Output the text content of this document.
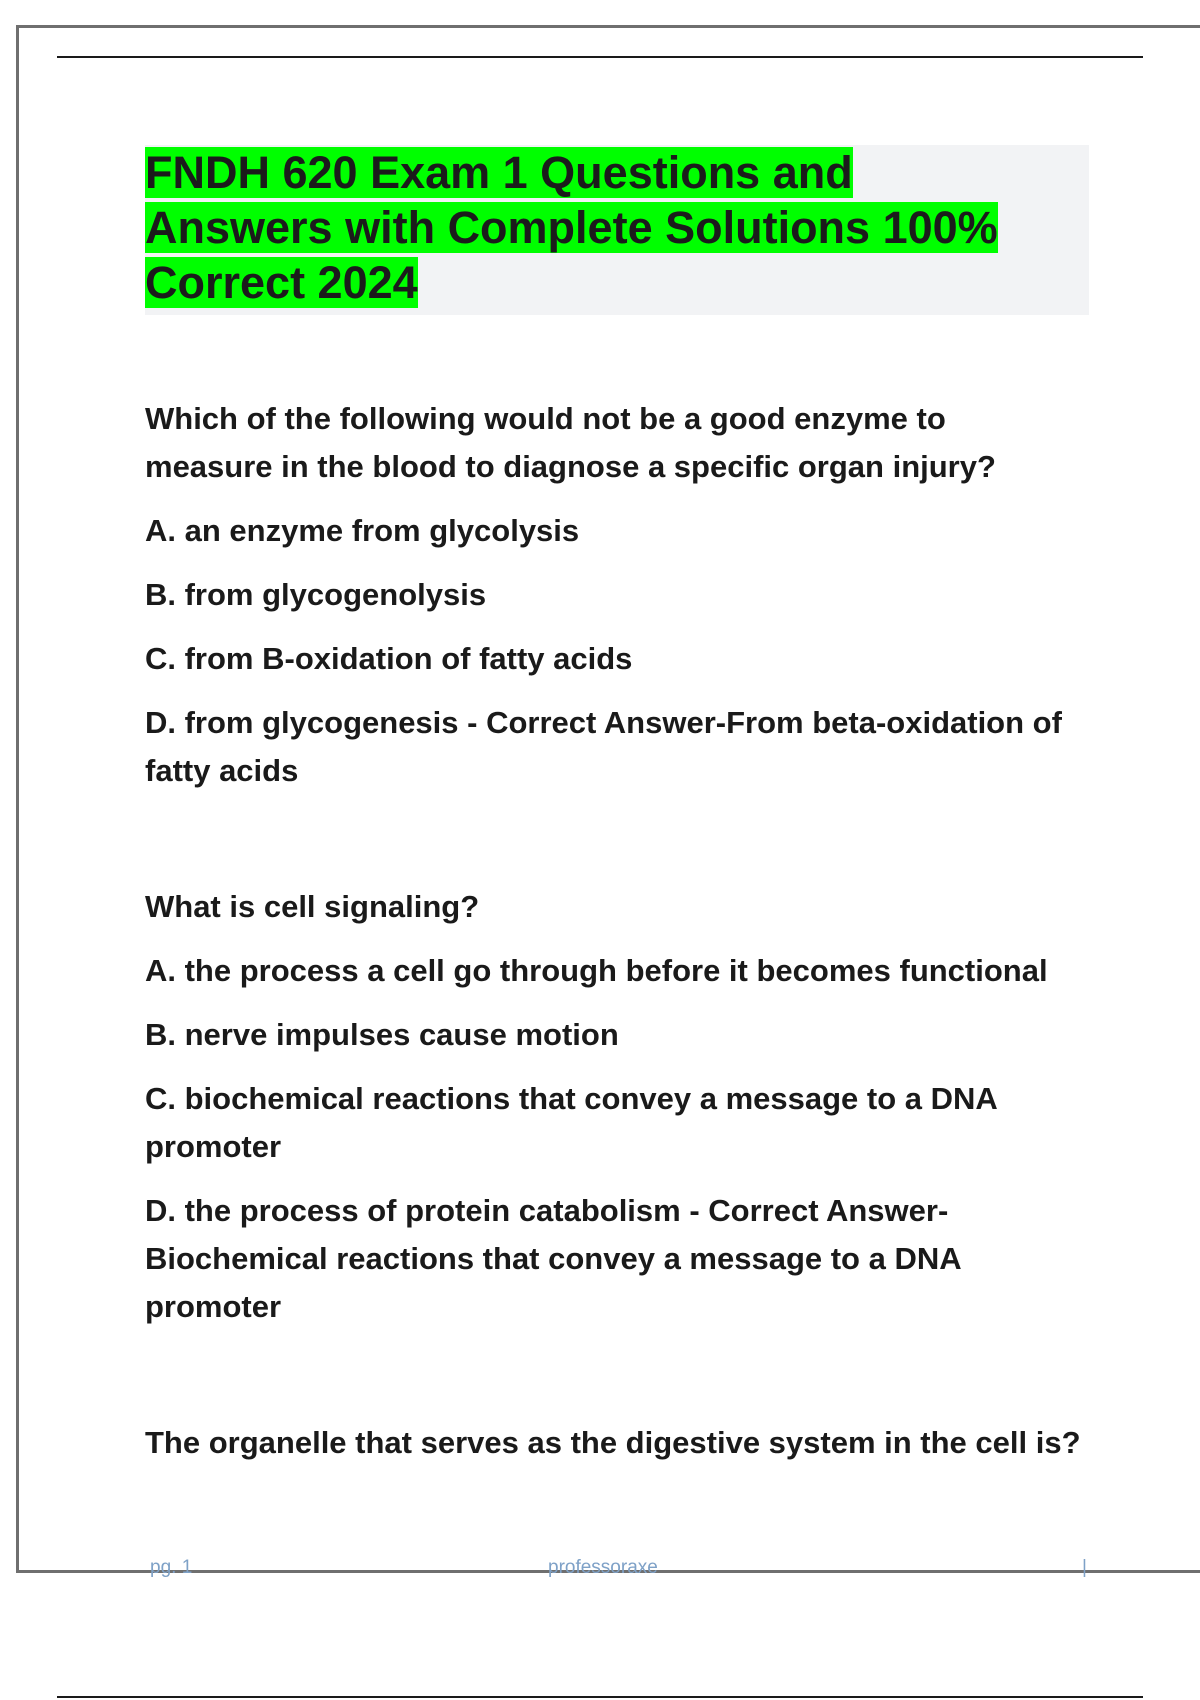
FNDH 620 Exam 1 Questions and
Answers with Complete Solutions 100%
Correct 2024

Which of the following would not be a good enzyme to

measure in the blood to diagnose a specific organ injury?

A. an enzyme from glycolysis

B. from glycogenolysis

C. from B-oxidation of fatty acids

D. from glycogenesis - Correct Answer-From beta-oxidation of

fatty acids

What is cell signaling?

A. the process a cell go through before it becomes functional

B. nerve impulses cause motion

C. biochemical reactions that convey a message to a DNA

promoter

D. the process of protein catabolism - Correct Answer-

Biochemical reactions that convey a message to a DNA

promoter

The organelle that serves as the digestive system in the cell is?

pg. 1	professoraxe	|
